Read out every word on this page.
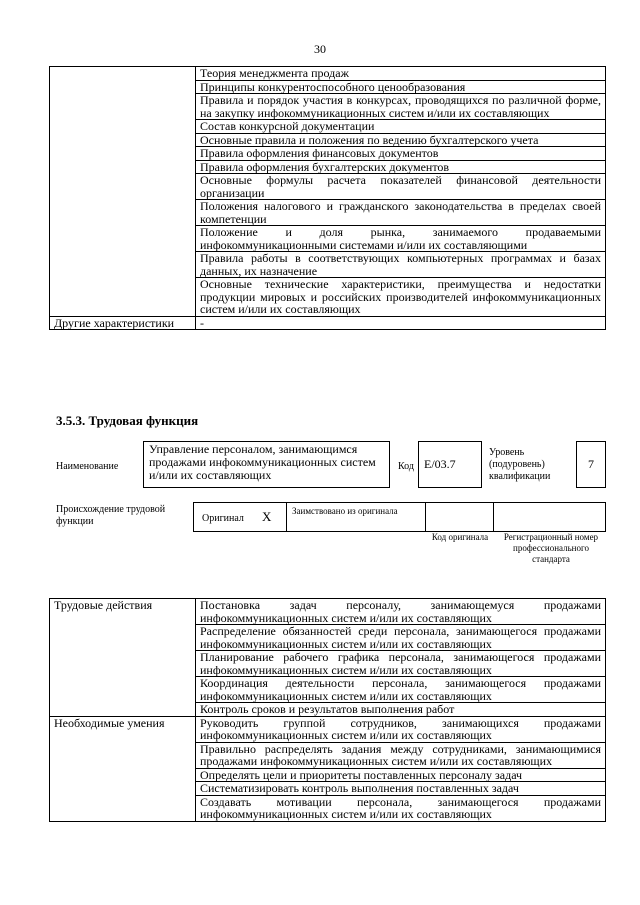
30
	Теория менеджмента продаж
	Принципы конкурентоспособного ценообразования
	Правила и порядок участия в конкурсах, проводящихся по различной форме, на закупку инфокоммуникационных систем и/или их составляющих
	Состав конкурсной документации
	Основные правила и положения по ведению бухгалтерского учета
	Правила оформления финансовых документов
	Правила оформления бухгалтерских документов
	Основные формулы расчета показателей финансовой деятельности организации
	Положения налогового и гражданского законодательства в пределах своей компетенции
	Положение и доля рынка, занимаемого продаваемыми инфокоммуникационными системами и/или их составляющими
	Правила работы в соответствующих компьютерных программах и базах данных, их назначение
	Основные технические характеристики, преимущества и недостатки продукции мировых и российских производителей инфокоммуникационных систем и/или их составляющих
Другие характеристики	-
3.5.3. Трудовая функция
Наименование
Управление персоналом, занимающимся продажами инфокоммуникационных систем и/или их составляющих
Код E/03.7
Уровень (подуровень) квалификации
7
Происхождение трудовой функции	Оригинал X Заимствовано из оригинала
Код оригинала	Регистрационный номер профессионального стандарта
Трудовые действия	Постановка задач персоналу, занимающемуся продажами инфокоммуникационных систем и/или их составляющих
	Распределение обязанностей среди персонала, занимающегося продажами инфокоммуникационных систем и/или их составляющих
	Планирование рабочего графика персонала, занимающегося продажами инфокоммуникационных систем и/или их составляющих
	Координация деятельности персонала, занимающегося продажами инфокоммуникационных систем и/или их составляющих
	Контроль сроков и результатов выполнения работ
Необходимые умения	Руководить группой сотрудников, занимающихся продажами инфокоммуникационных систем и/или их составляющих
	Правильно распределять задания между сотрудниками, занимающимися продажами инфокоммуникационных систем и/или их составляющих
	Определять цели и приоритеты поставленных персоналу задач
	Систематизировать контроль выполнения поставленных задач
	Создавать мотивации персонала, занимающегося продажами инфокоммуникационных систем и/или их составляющих
